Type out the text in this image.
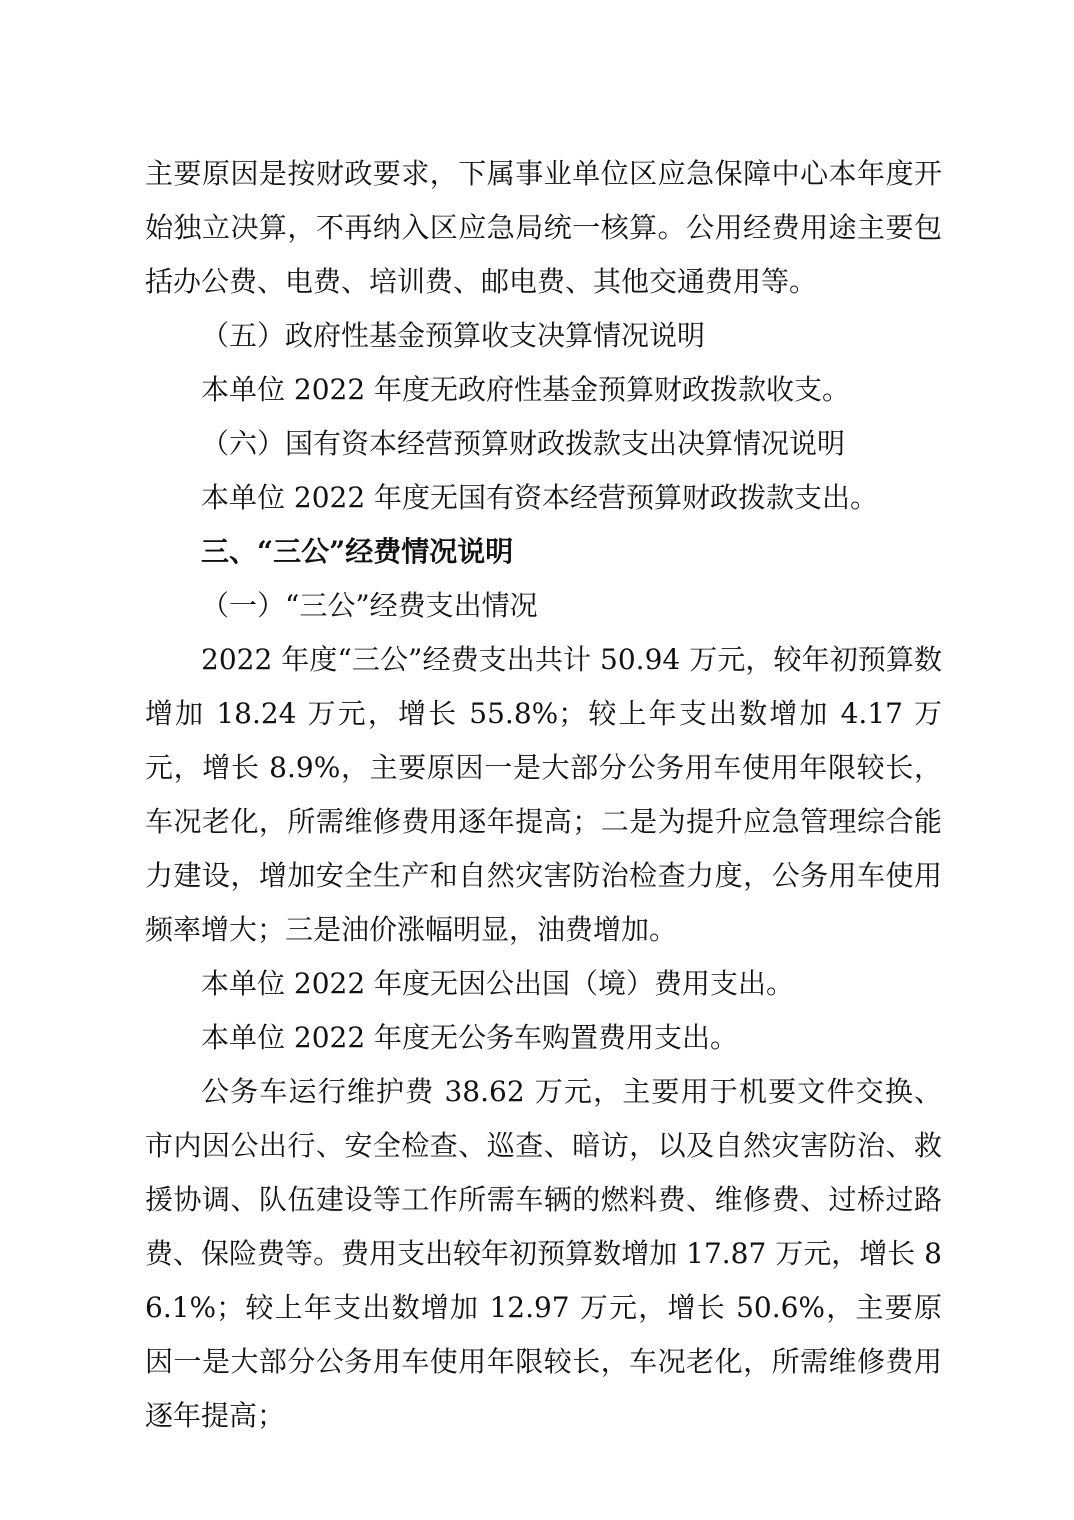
主要原因是按财政要求，下属事业单位区应急保障中心本年度开始独立决算，不再纳入区应急局统一核算。公用经费用途主要包括办公费、电费、培训费、邮电费、其他交通费用等。

（五）政府性基金预算收支决算情况说明

本单位 2022 年度无政府性基金预算财政拨款收支。

（六）国有资本经营预算财政拨款支出决算情况说明

本单位 2022 年度无国有资本经营预算财政拨款支出。

三、“三公”经费情况说明

（一）“三公”经费支出情况

2022 年度“三公”经费支出共计 50.94 万元，较年初预算数增加 18.24 万元，增长 55.8%；较上年支出数增加 4.17 万元，增长 8.9%，主要原因一是大部分公务用车使用年限较长，车况老化，所需维修费用逐年提高；二是为提升应急管理综合能力建设，增加安全生产和自然灾害防治检查力度，公务用车使用频率增大；三是油价涨幅明显，油费增加。

本单位 2022 年度无因公出国（境）费用支出。

本单位 2022 年度无公务车购置费用支出。

公务车运行维护费 38.62 万元，主要用于机要文件交换、市内因公出行、安全检查、巡查、暗访，以及自然灾害防治、救援协调、队伍建设等工作所需车辆的燃料费、维修费、过桥过路费、保险费等。费用支出较年初预算数增加 17.87 万元，增长 86.1%；较上年支出数增加 12.97 万元，增长 50.6%，主要原因一是大部分公务用车使用年限较长，车况老化，所需维修费用逐年提高；
